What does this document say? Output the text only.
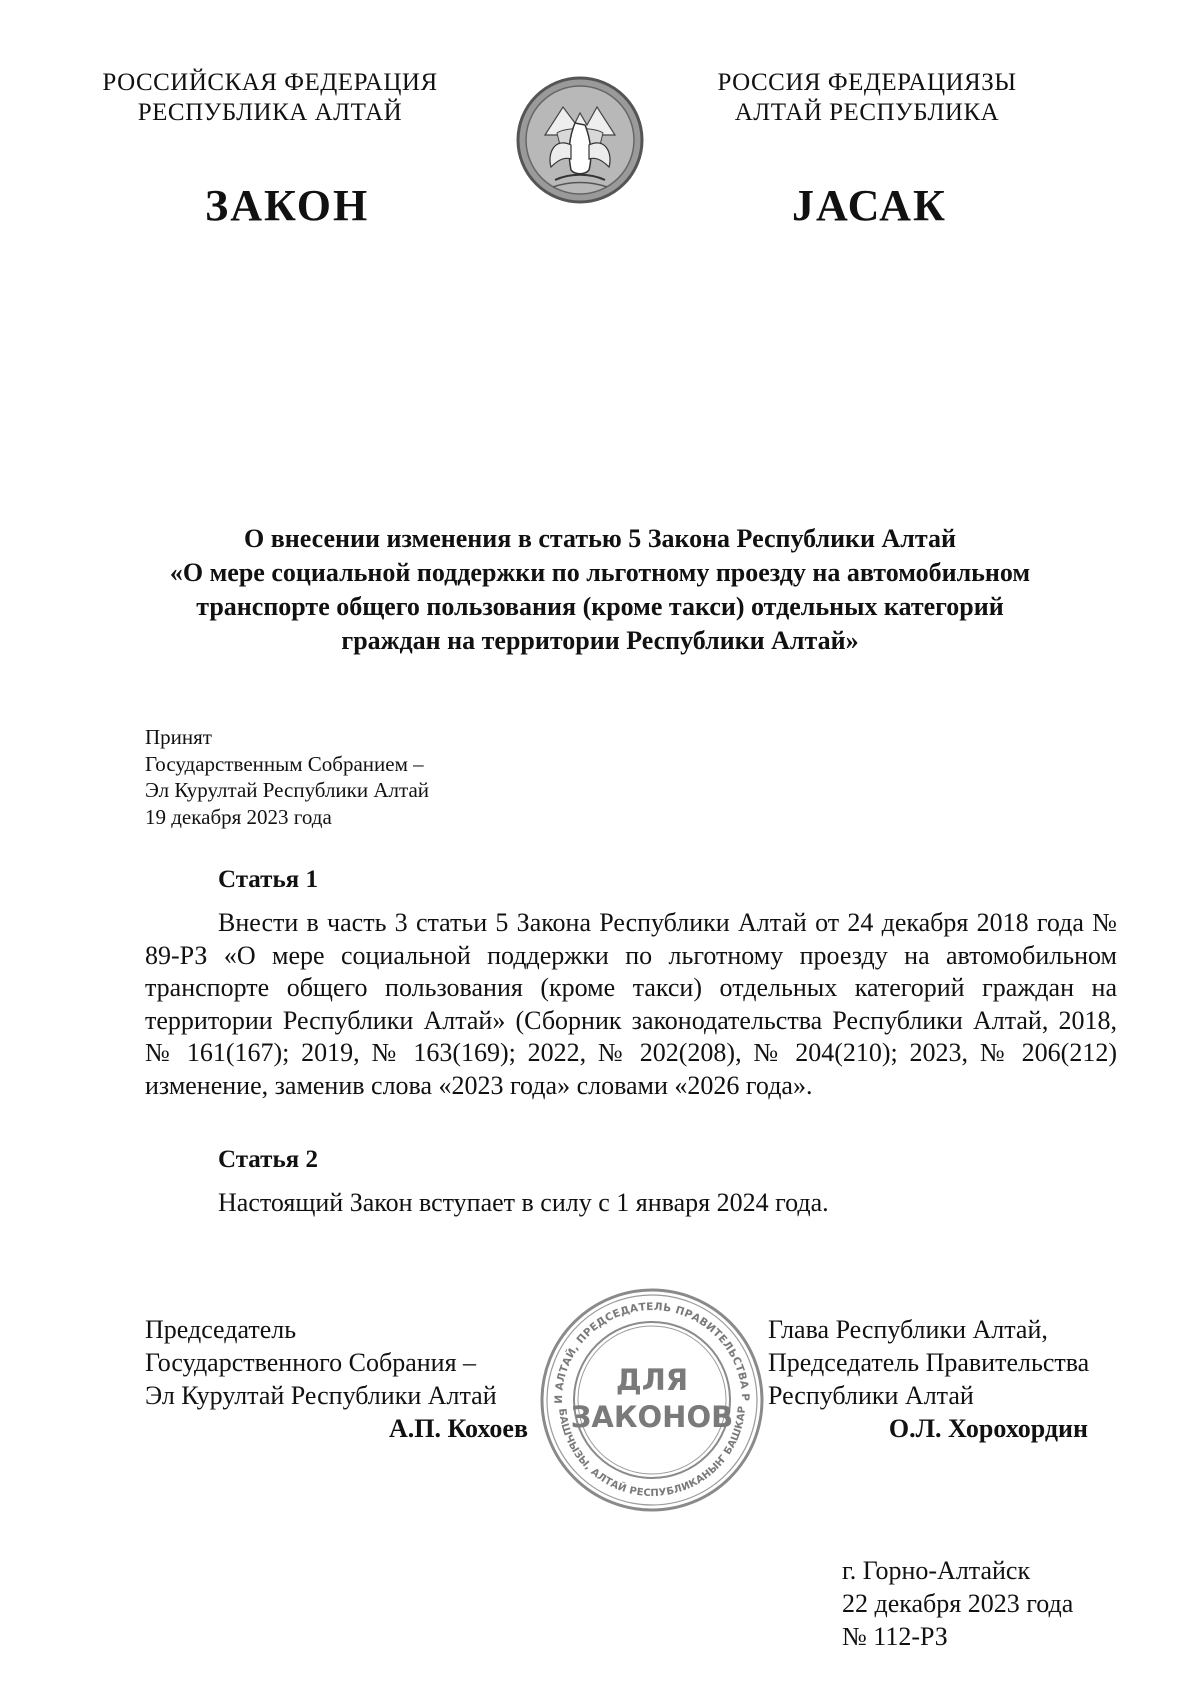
РОССИЙСКАЯ ФЕДЕРАЦИЯ
РЕСПУБЛИКА АЛТАЙ
РОССИЯ ФЕДЕРАЦИЯЗЫ
АЛТАЙ РЕСПУБЛИКА
ЗАКОН	JАСАК
О внесении изменения в статью 5 Закона Республики Алтай
«О мере социальной поддержки по льготному проезду на автомобильном
транспорте общего пользования (кроме такси) отдельных категорий
граждан на территории Республики Алтай»
Принят
Государственным Собранием –
Эл Курултай Республики Алтай
19 декабря 2023 года
Статья 1
Внести в часть 3 статьи 5 Закона Республики Алтай от 24 декабря 2018 года № 89-РЗ «О мере социальной поддержки по льготному проезду на автомобильном транспорте общего пользования (кроме такси) отдельных категорий граждан на территории Республики Алтай» (Сборник законодательства Республики Алтай, 2018, № 161(167); 2019, № 163(169); 2022, № 202(208), № 204(210); 2023, № 206(212) изменение, заменив слова «2023 года» словами «2026 года».
Статья 2
Настоящий Закон вступает в силу с 1 января 2024 года.
Председатель
Государственного Собрания –
Эл Курултай Республики Алтай
А.П. Кохоев
Глава Республики Алтай,
Председатель Правительства
Республики Алтай
О.Л. Хорохордин
И АЛТАЙ, ПРЕДСЕДАТЕЛЬ ПРАВИТЕЛЬСТВА Р
БАШЧЫЗЫ, АЛТАЙ РЕСПУБЛИКАНЫҤ БАШКАР
ДЛЯ
ЗАКОНОВ
г. Горно-Алтайск
22 декабря 2023 года
№ 112-РЗ
